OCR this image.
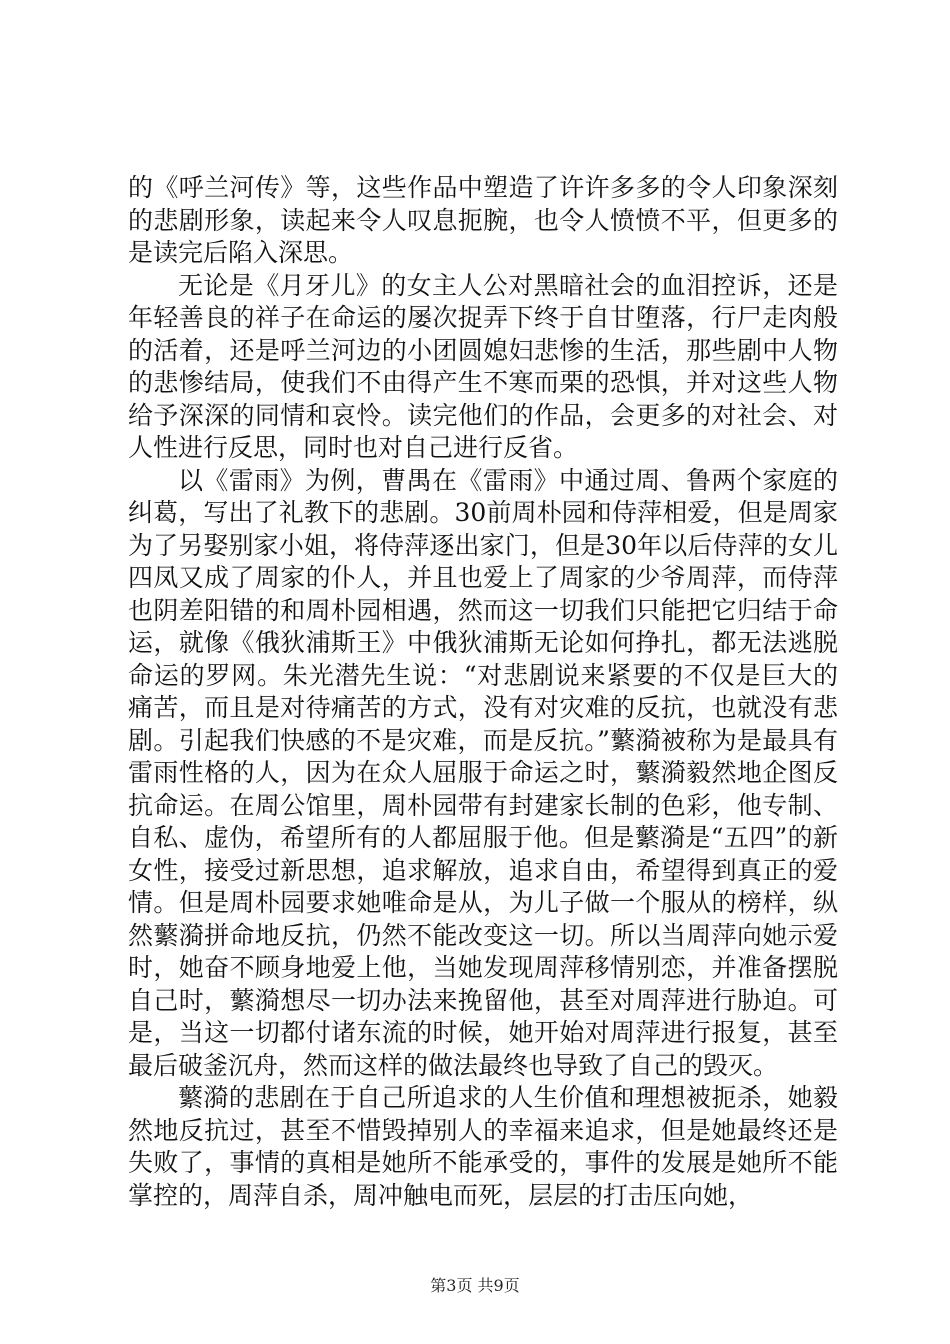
的《呼兰河传》等，这些作品中塑造了许许多多的令人印象深刻的悲剧形象，读起来令人叹息扼腕，也令人愤愤不平，但更多的是读完后陷入深思。

无论是《月牙儿》的女主人公对黑暗社会的血泪控诉，还是年轻善良的祥子在命运的屡次捉弄下终于自甘堕落，行尸走肉般的活着，还是呼兰河边的小团圆媳妇悲惨的生活，那些剧中人物的悲惨结局，使我们不由得产生不寒而栗的恐惧，并对这些人物给予深深的同情和哀怜。读完他们的作品，会更多的对社会、对人性进行反思，同时也对自己进行反省。

以《雷雨》为例，曹禺在《雷雨》中通过周、鲁两个家庭的纠葛，写出了礼教下的悲剧。30前周朴园和侍萍相爱，但是周家为了另娶别家小姐，将侍萍逐出家门，但是30年以后侍萍的女儿四凤又成了周家的仆人，并且也爱上了周家的少爷周萍，而侍萍也阴差阳错的和周朴园相遇，然而这一切我们只能把它归结于命运，就像《俄狄浦斯王》中俄狄浦斯无论如何挣扎，都无法逃脱命运的罗网。朱光潜先生说：“对悲剧说来紧要的不仅是巨大的痛苦，而且是对待痛苦的方式，没有对灾难的反抗，也就没有悲剧。引起我们快感的不是灾难，而是反抗。”蘩漪被称为是最具有雷雨性格的人，因为在众人屈服于命运之时，蘩漪毅然地企图反抗命运。在周公馆里，周朴园带有封建家长制的色彩，他专制、自私、虚伪，希望所有的人都屈服于他。但是蘩漪是“五四”的新女性，接受过新思想，追求解放，追求自由，希望得到真正的爱情。但是周朴园要求她唯命是从，为儿子做一个服从的榜样，纵然蘩漪拼命地反抗，仍然不能改变这一切。所以当周萍向她示爱时，她奋不顾身地爱上他，当她发现周萍移情别恋，并准备摆脱自己时，蘩漪想尽一切办法来挽留他，甚至对周萍进行胁迫。可是，当这一切都付诸东流的时候，她开始对周萍进行报复，甚至最后破釜沉舟，然而这样的做法最终也导致了自己的毁灭。

蘩漪的悲剧在于自己所追求的人生价值和理想被扼杀，她毅然地反抗过，甚至不惜毁掉别人的幸福来追求，但是她最终还是失败了，事情的真相是她所不能承受的，事件的发展是她所不能掌控的，周萍自杀，周冲触电而死，层层的打击压向她，

第3页 共9页
